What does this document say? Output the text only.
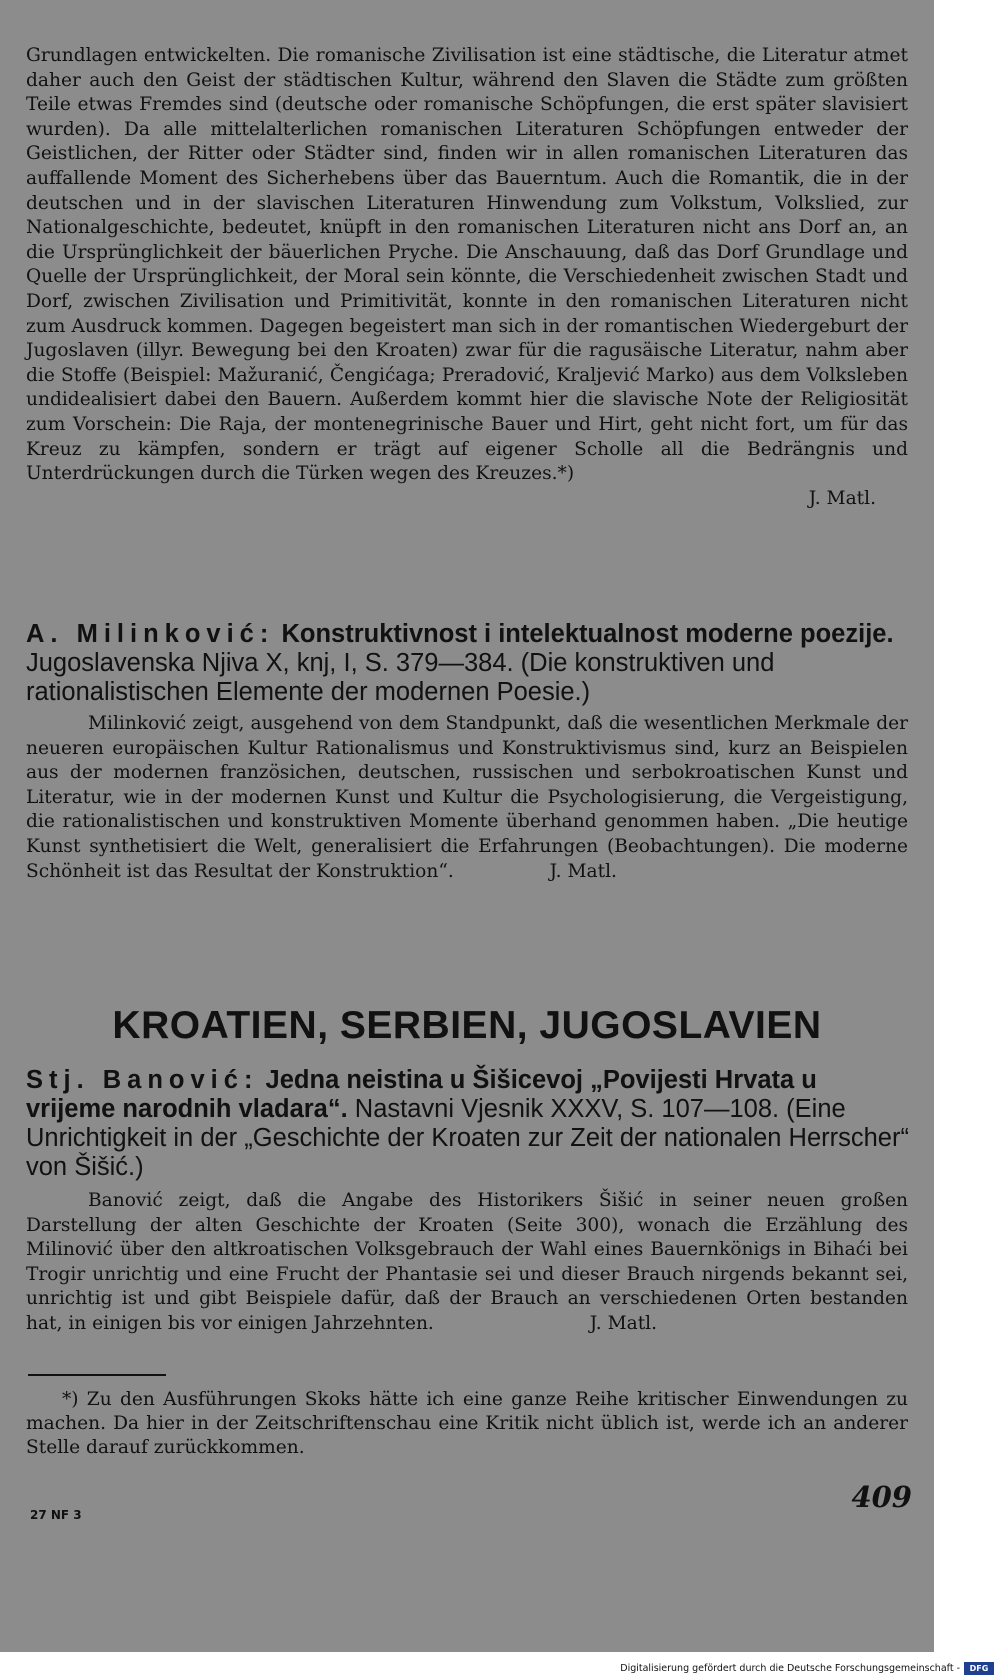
Grundlagen entwickelten. Die romanische Zivilisation ist eine städtische, die Literatur atmet daher auch den Geist der städtischen Kultur, während den Slaven die Städte zum größten Teile etwas Fremdes sind (deutsche oder romanische Schöpfungen, die erst später slavisiert wurden). Da alle mittelalterlichen romanischen Literaturen Schöpfungen entweder der Geistlichen, der Ritter oder Städter sind, finden wir in allen romanischen Literaturen das auffallende Moment des Sicherhebens über das Bauerntum. Auch die Romantik, die in der deutschen und in der slavischen Literaturen Hinwendung zum Volkstum, Volkslied, zur Nationalgeschichte, bedeutet, knüpft in den romanischen Literaturen nicht ans Dorf an, an die Ursprünglichkeit der bäuerlichen Pryche. Die Anschauung, daß das Dorf Grundlage und Quelle der Ursprünglichkeit, der Moral sein könnte, die Verschiedenheit zwischen Stadt und Dorf, zwischen Zivilisation und Primitivität, konnte in den romanischen Literaturen nicht zum Ausdruck kommen. Dagegen begeistert man sich in der romantischen Wiedergeburt der Jugoslaven (illyr. Bewegung bei den Kroaten) zwar für die ragusäische Literatur, nahm aber die Stoffe (Beispiel: Mažuranić, Čengićaga; Preradović, Kraljević Marko) aus dem Volksleben undidealisiert dabei den Bauern. Außerdem kommt hier die slavische Note der Religiosität zum Vorschein: Die Raja, der montenegrinische Bauer und Hirt, geht nicht fort, um für das Kreuz zu kämpfen, sondern er trägt auf eigener Scholle all die Bedrängnis und Unterdrückungen durch die Türken wegen des Kreuzes.*)
J. Matl.

A. Milinković: Konstruktivnost i intelektualnost moderne poezije. Jugoslavenska Njiva X, knj, I, S. 379—384. (Die konstruktiven und rationalistischen Elemente der modernen Poesie.)

Milinković zeigt, ausgehend von dem Standpunkt, daß die wesentlichen Merkmale der neueren europäischen Kultur Rationalismus und Konstruktivismus sind, kurz an Beispielen aus der modernen französichen, deutschen, russischen und serbokroatischen Kunst und Literatur, wie in der modernen Kunst und Kultur die Psychologisierung, die Vergeistigung, die rationalistischen und konstruktiven Momente überhand genommen haben. „Die heutige Kunst synthetisiert die Welt, generalisiert die Erfahrungen (Beobachtungen). Die moderne Schönheit ist das Resultat der Konstruktion“.	J. Matl.

KROATIEN, SERBIEN, JUGOSLAVIEN

Stj. Banović: Jedna neistina u Šišicevoj „Povijesti Hrvata u vrijeme narodnih vladara“. Nastavni Vjesnik XXXV, S. 107—108. (Eine Unrichtigkeit in der „Geschichte der Kroaten zur Zeit der nationalen Herrscher“ von Šišić.)

Banović zeigt, daß die Angabe des Historikers Šišić in seiner neuen großen Darstellung der alten Geschichte der Kroaten (Seite 300), wonach die Erzählung des Milinović über den altkroatischen Volksgebrauch der Wahl eines Bauernkönigs in Bihaći bei Trogir unrichtig und eine Frucht der Phantasie sei und dieser Brauch nirgends bekannt sei, unrichtig ist und gibt Beispiele dafür, daß der Brauch an verschiedenen Orten bestanden hat, in einigen bis vor einigen Jahrzehnten.	J. Matl.

*) Zu den Ausführungen Skoks hätte ich eine ganze Reihe kritischer Einwendungen zu machen. Da hier in der Zeitschriftenschau eine Kritik nicht üblich ist, werde ich an anderer Stelle darauf zurückkommen.

27 NF 3
409
Digitalisierung gefördert durch die Deutsche Forschungsgemeinschaft -	DFG
